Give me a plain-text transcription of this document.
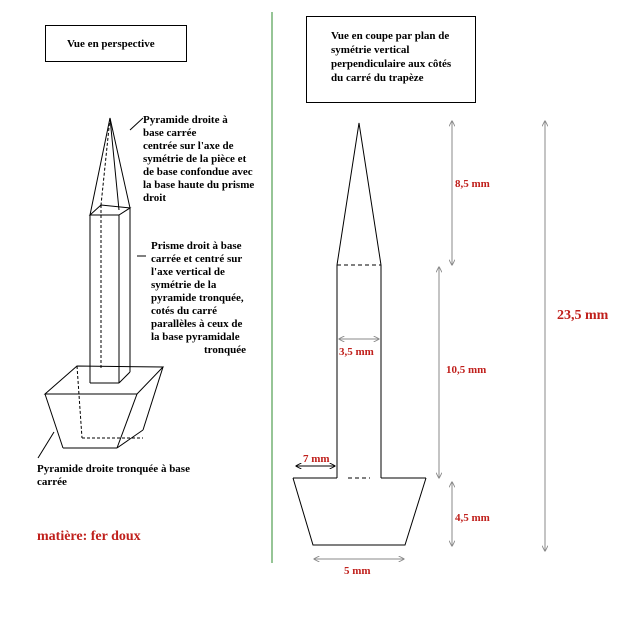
Vue en perspective
Vue en coupe par plan de
symétrie vertical
perpendiculaire aux côtés
du carré du trapèze
Pyramide droite à
base carrée
centrée sur l'axe de
symétrie de la pièce et
de base confondue avec
la base haute du prisme
droit
Prisme droit à base
carrée et centré sur
l'axe vertical de
symétrie de la
pyramide tronquée,
cotés du carré
parallèles à ceux de
la base pyramidale
tronquée
Pyramide droite tronquée à base
carrée
matière: fer doux
8,5 mm
10,5 mm
4,5 mm
23,5 mm
3,5 mm
7 mm
5 mm
